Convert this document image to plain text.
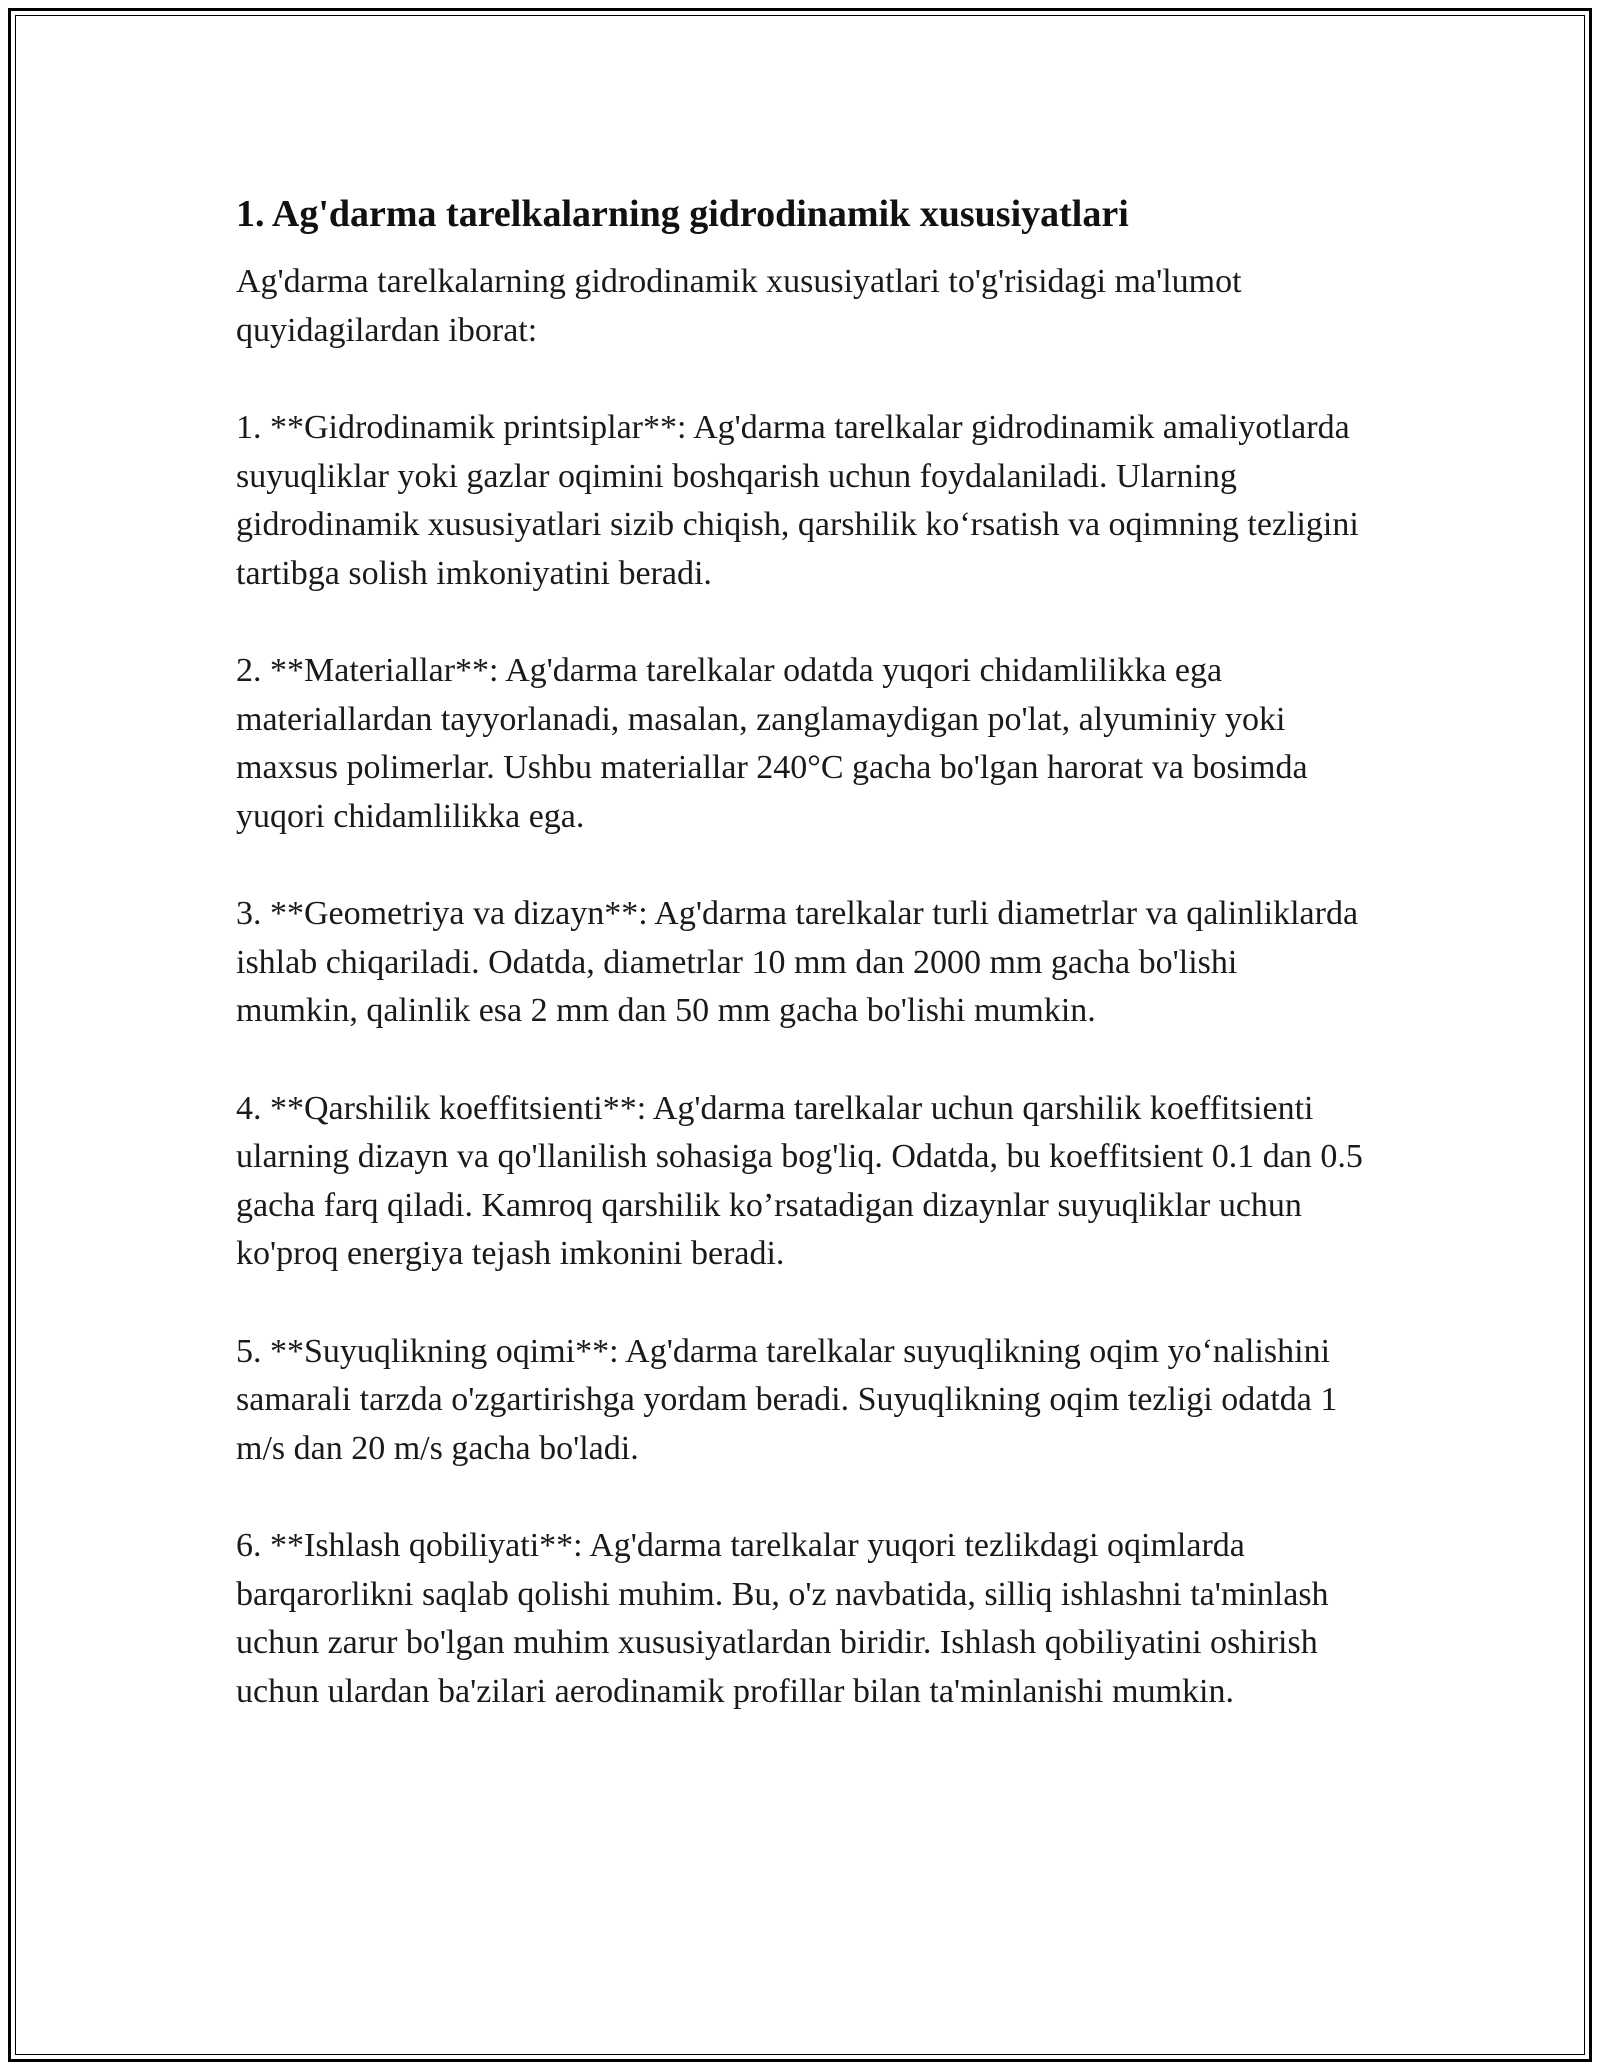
1. Ag'darma tarelkalarning gidrodinamik xususiyatlari

Ag'darma tarelkalarning gidrodinamik xususiyatlari to'g'risidagi ma'lumot quyidagilardan iborat:

1. **Gidrodinamik printsiplar**: Ag'darma tarelkalar gidrodinamik amaliyotlarda suyuqliklar yoki gazlar oqimini boshqarish uchun foydalaniladi. Ularning gidrodinamik xususiyatlari sizib chiqish, qarshilik ko‘rsatish va oqimning tezligini tartibga solish imkoniyatini beradi.

2. **Materiallar**: Ag'darma tarelkalar odatda yuqori chidamlilikka ega materiallardan tayyorlanadi, masalan, zanglamaydigan po'lat, alyuminiy yoki maxsus polimerlar. Ushbu materiallar 240°C gacha bo'lgan harorat va bosimda yuqori chidamlilikka ega.

3. **Geometriya va dizayn**: Ag'darma tarelkalar turli diametrlar va qalinliklarda ishlab chiqariladi. Odatda, diametrlar 10 mm dan 2000 mm gacha bo'lishi mumkin, qalinlik esa 2 mm dan 50 mm gacha bo'lishi mumkin.

4. **Qarshilik koeffitsienti**: Ag'darma tarelkalar uchun qarshilik koeffitsienti ularning dizayn va qo'llanilish sohasiga bog'liq. Odatda, bu koeffitsient 0.1 dan 0.5 gacha farq qiladi. Kamroq qarshilik ko’rsatadigan dizaynlar suyuqliklar uchun ko'proq energiya tejash imkonini beradi.

5. **Suyuqlikning oqimi**: Ag'darma tarelkalar suyuqlikning oqim yo‘nalishini samarali tarzda o'zgartirishga yordam beradi. Suyuqlikning oqim tezligi odatda 1 m/s dan 20 m/s gacha bo'ladi.

6. **Ishlash qobiliyati**: Ag'darma tarelkalar yuqori tezlikdagi oqimlarda barqarorlikni saqlab qolishi muhim. Bu, o'z navbatida, silliq ishlashni ta'minlash uchun zarur bo'lgan muhim xususiyatlardan biridir. Ishlash qobiliyatini oshirish uchun ulardan ba'zilari aerodinamik profillar bilan ta'minlanishi mumkin.
